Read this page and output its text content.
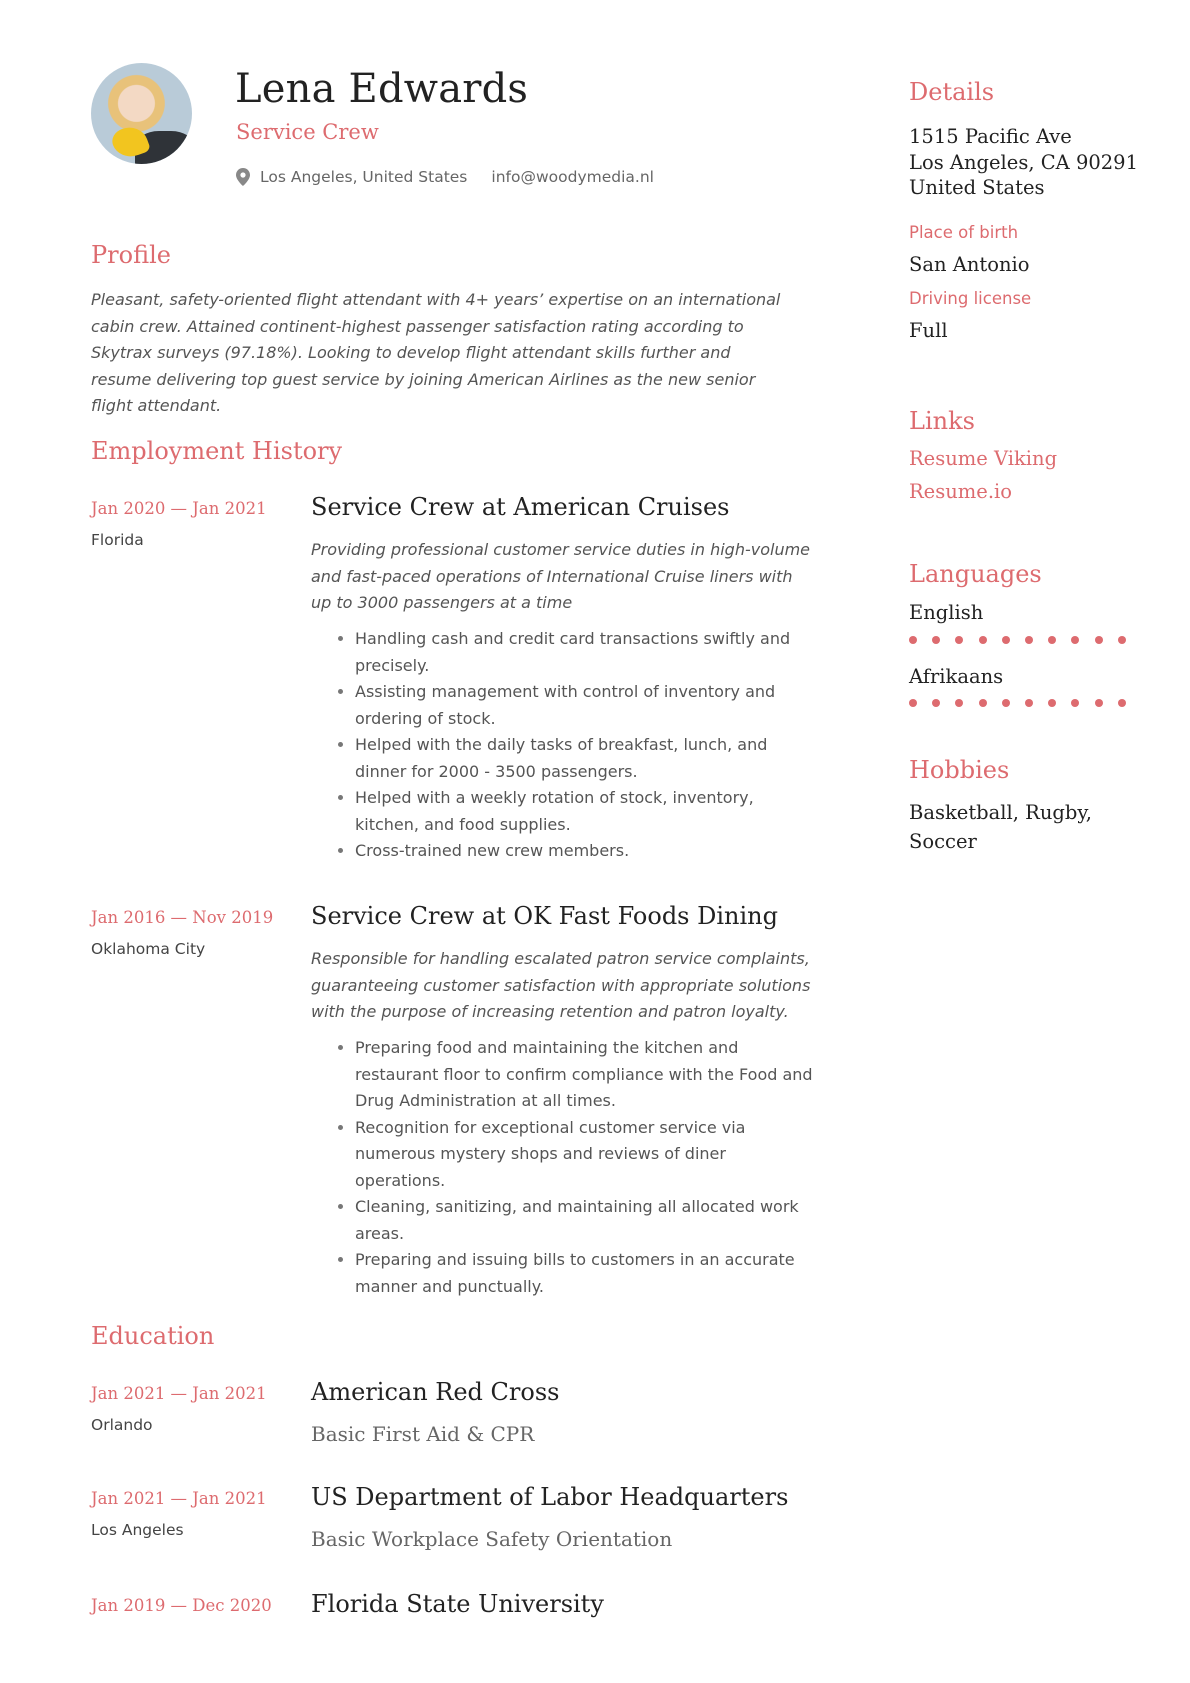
Lena Edwards
Service Crew
Los Angeles, United States info@woodymedia.nl
Profile
Pleasant, safety-oriented flight attendant with 4+ years’ expertise on an international cabin crew. Attained continent-highest passenger satisfaction rating according to Skytrax surveys (97.18%). Looking to develop flight attendant skills further and resume delivering top guest service by joining American Airlines as the new senior flight attendant.
Employment History
Jan 2020 — Jan 2021
Florida
Service Crew at American Cruises
Providing professional customer service duties in high-volume and fast-paced operations of International Cruise liners with up to 3000 passengers at a time
• Handling cash and credit card transactions swiftly and precisely.
• Assisting management with control of inventory and ordering of stock.
• Helped with the daily tasks of breakfast, lunch, and dinner for 2000 - 3500 passengers.
• Helped with a weekly rotation of stock, inventory, kitchen, and food supplies.
• Cross-trained new crew members.
Jan 2016 — Nov 2019
Oklahoma City
Service Crew at OK Fast Foods Dining
Responsible for handling escalated patron service complaints, guaranteeing customer satisfaction with appropriate solutions with the purpose of increasing retention and patron loyalty.
• Preparing food and maintaining the kitchen and restaurant floor to confirm compliance with the Food and Drug Administration at all times.
• Recognition for exceptional customer service via numerous mystery shops and reviews of diner operations.
• Cleaning, sanitizing, and maintaining all allocated work areas.
• Preparing and issuing bills to customers in an accurate manner and punctually.
Education
Jan 2021 — Jan 2021
Orlando
American Red Cross
Basic First Aid & CPR
Jan 2021 — Jan 2021
Los Angeles
US Department of Labor Headquarters
Basic Workplace Safety Orientation
Jan 2019 — Dec 2020 Florida State University
Details
1515 Pacific Ave
Los Angeles, CA 90291
United States
Place of birth
San Antonio
Driving license
Full
Links
Resume Viking
Resume.io
Languages
English
Afrikaans
Hobbies
Basketball, Rugby,
Soccer
